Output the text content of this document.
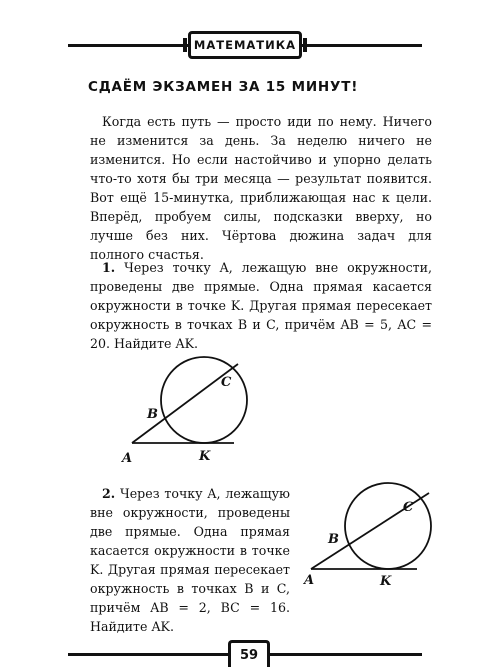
МАТЕМАТИКА
СДАЁМ ЭКЗАМЕН ЗА 15 МИНУТ!

Когда есть путь — просто иди по нему. Ничего не изменится за день. За неделю ничего не изменится. Но если настойчиво и упорно делать что-то хотя бы три месяца — результат появится. Вот ещё 15-минутка, приближающая нас к цели. Вперёд, пробуем силы, подсказки вверху, но лучше без них. Чёртова дюжина задач для полного счастья.

1. Через точку A, лежащую вне окружности, проведены две прямые. Одна прямая касается окружности в точке K. Другая прямая пересекает окружность в точках B и C, причём AB = 5, AC = 20. Найдите AK.

A
B
C
K

2. Через точку A, лежащую вне окружности, проведены две прямые. Одна прямая касается окружности в точке K. Другая прямая пересекает окружность в точках B и C, причём AB = 2, BC = 16. Найдите AK.

A
B
C
K
59
